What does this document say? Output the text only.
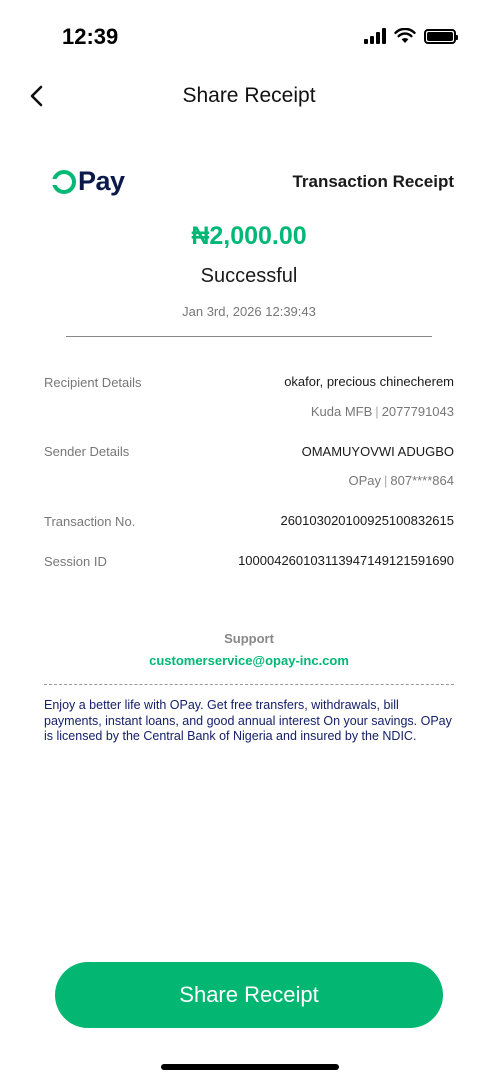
12:39
Share Receipt
Pay	Transaction Receipt
₦2,000.00
Successful
Jan 3rd, 2026 12:39:43
Recipient Details	okafor, precious chinecherem
Kuda MFB | 2077791043
Sender Details	OMAMUYOVWI ADUGBO
OPay | 807****864
Transaction No.	260103020100925100832615
Session ID	100004260103113947149121591690
Support
customerservice@opay-inc.com
Enjoy a better life with OPay. Get free transfers, withdrawals, bill payments, instant loans, and good annual interest On your savings. OPay is licensed by the Central Bank of Nigeria and insured by the NDIC.
Share Receipt
